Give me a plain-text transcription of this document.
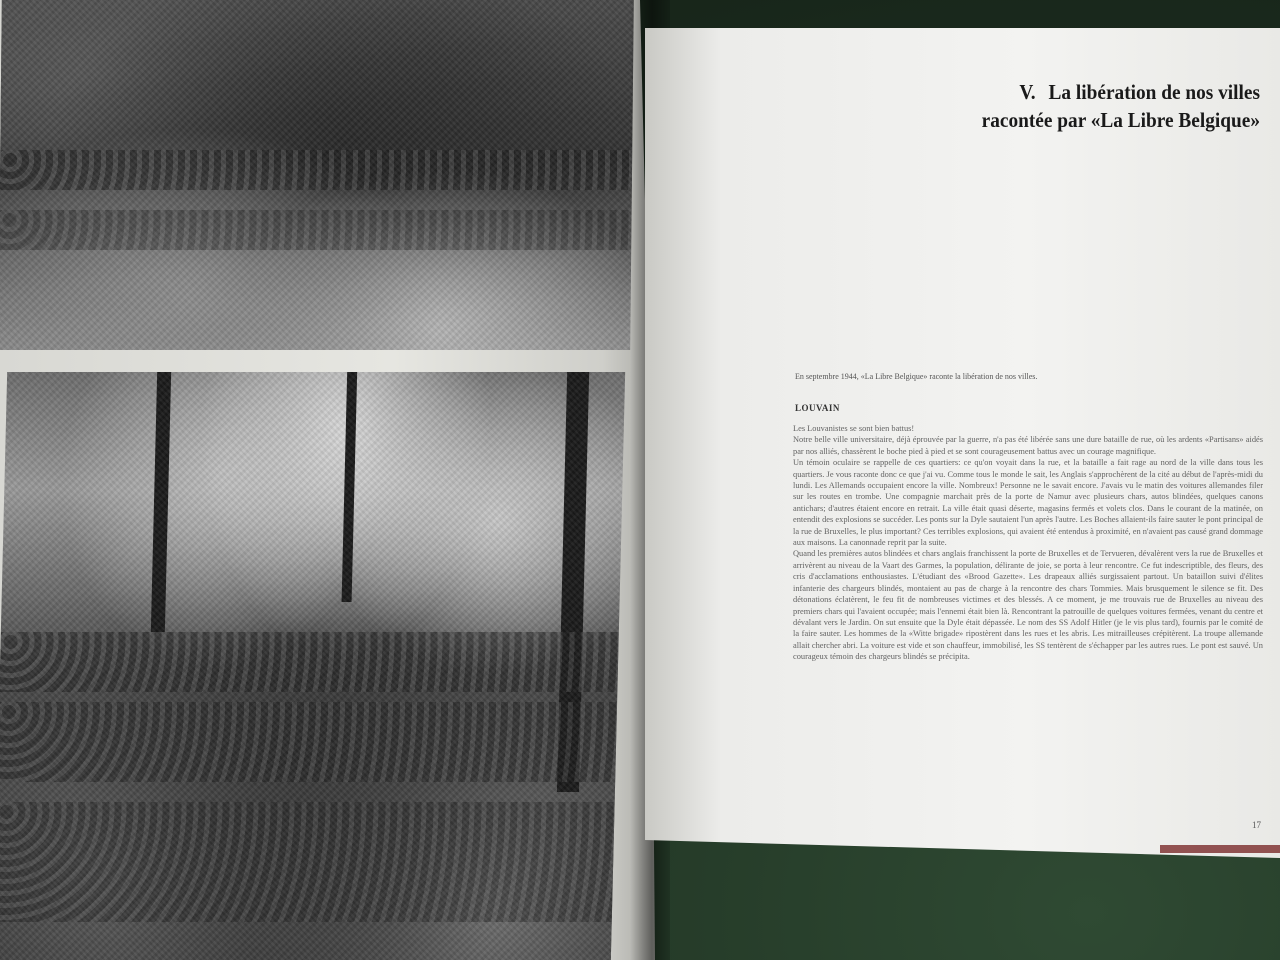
V. La libération de nos villes
racontée par «La Libre Belgique»
En septembre 1944, «La Libre Belgique» raconte la libération de nos villes.
LOUVAIN

Les Louvanistes se sont bien battus!

Notre belle ville universitaire, déjà éprouvée par la guerre, n'a pas été libérée sans une dure bataille de rue, où les ardents «Partisans» aidés par nos alliés, chassèrent le boche pied à pied et se sont courageusement battus avec un courage magnifique.

Un témoin oculaire se rappelle de ces quartiers: ce qu'on voyait dans la rue, et la bataille a fait rage au nord de la ville dans tous les quartiers. Je vous raconte donc ce que j'ai vu. Comme tous le monde le sait, les Anglais s'approchèrent de la cité au début de l'après-midi du lundi. Les Allemands occupaient encore la ville. Nombreux! Personne ne le savait encore. J'avais vu le matin des voitures allemandes filer sur les routes en trombe. Une compagnie marchait près de la porte de Namur avec plusieurs chars, autos blindées, quelques canons antichars; d'autres étaient encore en retrait. La ville était quasi déserte, magasins fermés et volets clos. Dans le courant de la matinée, on entendit des explosions se succéder. Les ponts sur la Dyle sautaient l'un après l'autre. Les Boches allaient-ils faire sauter le pont principal de la rue de Bruxelles, le plus important? Ces terribles explosions, qui avaient été entendus à proximité, en n'avaient pas causé grand dommage aux maisons. La canonnade reprit par la suite.

Quand les premières autos blindées et chars anglais franchissent la porte de Bruxelles et de Tervueren, dévalèrent vers la rue de Bruxelles et arrivèrent au niveau de la Vaart des Garmes, la population, délirante de joie, se porta à leur rencontre. Ce fut indescriptible, des fleurs, des cris d'acclamations enthousiastes. L'étudiant des «Brood Gazette». Les drapeaux alliés surgissaient partout. Un bataillon suivi d'élites infanterie des chargeurs blindés, montaient au pas de charge à la rencontre des chars Tommies. Mais brusquement le silence se fit. Des détonations éclatèrent, le feu fit de nombreuses victimes et des blessés. A ce moment, je me trouvais rue de Bruxelles au niveau des premiers chars qui l'avaient occupée; mais l'ennemi était bien là. Rencontrant la patrouille de quelques voitures fermées, venant du centre et dévalant vers le Jardin. On sut ensuite que la Dyle était dépassée. Le nom des SS Adolf Hitler (je le vis plus tard), fournis par le comité de la faire sauter. Les hommes de la «Witte brigade» ripostèrent dans les rues et les abris. Les mitrailleuses crépitèrent. La troupe allemande allait chercher abri. La voiture est vide et son chauffeur, immobilisé, les SS tentèrent de s'échapper par les autres rues. Le pont est sauvé. Un courageux témoin des chargeurs blindés se précipita.

17
